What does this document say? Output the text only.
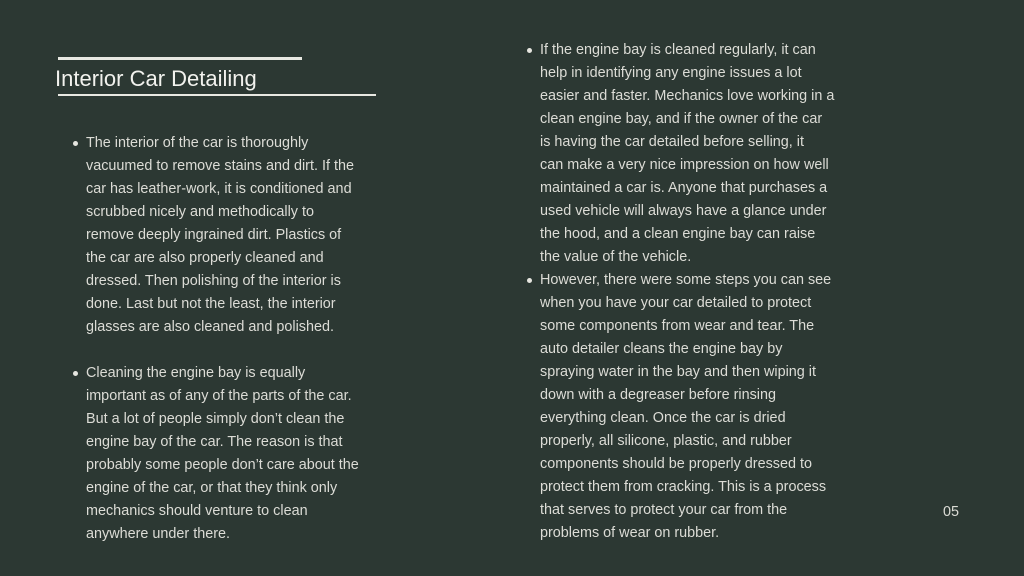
Interior Car Detailing
The interior of the car is thoroughly
vacuumed to remove stains and dirt. If the
car has leather-work, it is conditioned and
scrubbed nicely and methodically to
remove deeply ingrained dirt. Plastics of
the car are also properly cleaned and
dressed. Then polishing of the interior is
done. Last but not the least, the interior
glasses are also cleaned and polished.
Cleaning the engine bay is equally
important as of any of the parts of the car.
But a lot of people simply don’t clean the
engine bay of the car. The reason is that
probably some people don’t care about the
engine of the car, or that they think only
mechanics should venture to clean
anywhere under there.
If the engine bay is cleaned regularly, it can
help in identifying any engine issues a lot
easier and faster. Mechanics love working in a
clean engine bay, and if the owner of the car
is having the car detailed before selling, it
can make a very nice impression on how well
maintained a car is. Anyone that purchases a
used vehicle will always have a glance under
the hood, and a clean engine bay can raise
the value of the vehicle.
However, there were some steps you can see
when you have your car detailed to protect
some components from wear and tear. The
auto detailer cleans the engine bay by
spraying water in the bay and then wiping it
down with a degreaser before rinsing
everything clean. Once the car is dried
properly, all silicone, plastic, and rubber
components should be properly dressed to
protect them from cracking. This is a process
that serves to protect your car from the
problems of wear on rubber.
05
